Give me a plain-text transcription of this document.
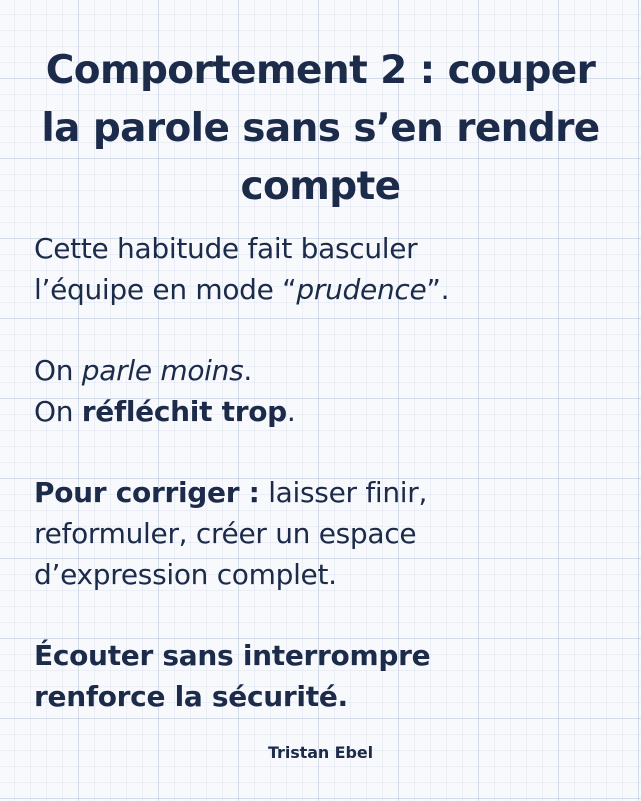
Comportement 2 : couper
la parole sans s’en rendre
compte

Cette habitude fait basculer
l’équipe en mode “prudence”.

On parle moins.
On réfléchit trop.

Pour corriger : laisser finir,
reformuler, créer un espace
d’expression complet.

Écouter sans interrompre
renforce la sécurité.

Tristan Ebel
